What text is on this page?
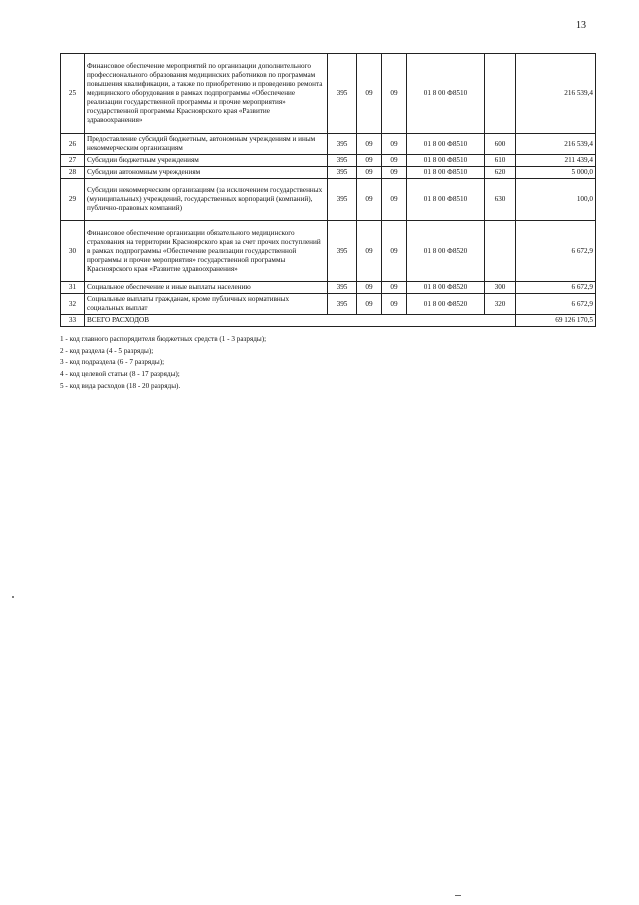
13
25	Финансовое обеспечение мероприятий по организации дополнительного профессионального образования медицинских работников по программам повышения квалификации, а также по приобретению и проведению ремонта медицинского оборудования в рамках подпрограммы «Обеспечение реализации государственной программы и прочие мероприятия» государственной программы Красноярского края «Развитие здравоохранения»	395	09	09	01 8 00 Ф8510		216 539,4
26	Предоставление субсидий бюджетным, автономным учреждениям и иным некоммерческим организациям	395	09	09	01 8 00 Ф8510	600	216 539,4
27	Субсидии бюджетным учреждениям	395	09	09	01 8 00 Ф8510	610	211 439,4
28	Субсидии автономным учреждениям	395	09	09	01 8 00 Ф8510	620	5 000,0
29	Субсидии некоммерческим организациям (за исключением государственных (муниципальных) учреждений, государственных корпораций (компаний), публично-правовых компаний)	395	09	09	01 8 00 Ф8510	630	100,0
30	Финансовое обеспечение организации обязательного медицинского страхования на территории Красноярского края за счет прочих поступлений в рамках подпрограммы «Обеспечение реализации государственной программы и прочие мероприятия» государственной программы Красноярского края «Развитие здравоохранения»	395	09	09	01 8 00 Ф8520		6 672,9
31	Социальное обеспечение и иные выплаты населению	395	09	09	01 8 00 Ф8520	300	6 672,9
32	Социальные выплаты гражданам, кроме публичных нормативных социальных выплат	395	09	09	01 8 00 Ф8520	320	6 672,9
33	ВСЕГО РАСХОДОВ						69 126 170,5
1 - код главного распорядителя бюджетных средств (1 - 3 разряды);
2 - код раздела (4 - 5 разряды);
3 - код подраздела (6 - 7 разряды);
4 - код целевой статьи (8 - 17 разряды);
5 - код вида расходов (18 - 20 разряды).
